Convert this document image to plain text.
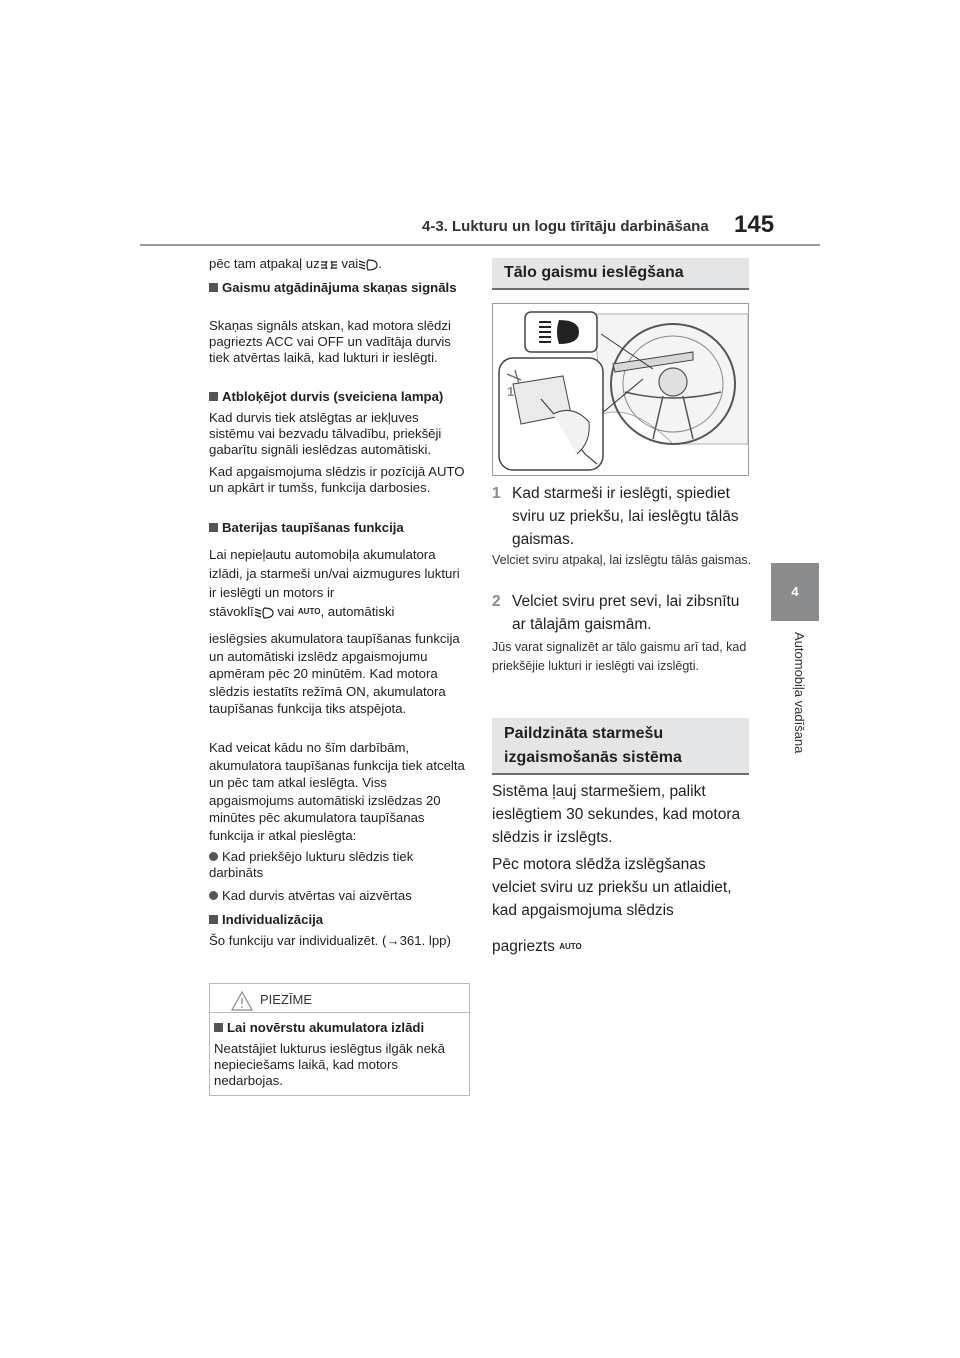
4-3. Lukturu un logu tīrītāju darbināšana 145
4
Automobiļa vadīšana
pēc tam atpakaļ uz
vai .
Gaismu atgādinājuma skaņas signāls
Skaņas signāls atskan, kad motora slēdzi pagriezts ACC vai OFF un vadītāja durvis tiek atvērtas laikā, kad lukturi ir ieslēgti.
Atbloķējot durvis (sveiciena lampa)
Kad durvis tiek atslēgtas ar iekļuves sistēmu vai bezvadu tālvadību, priekšēji gabarītu signāli ieslēdzas automātiski.
Kad apgaismojuma slēdzis ir pozīcijā AUTO un apkārt ir tumšs, funkcija darbosies.
Baterijas taupīšanas funkcija
Lai nepieļautu automobiļa akumulatora izlādi, ja starmeši un/vai aizmugures lukturi ir ieslēgti un motors ir
stāvoklī
vai $^{AUTO}$, automātiski
ieslēgsies akumulatora taupīšanas funkcija un automātiski izslēdz apgaismojumu apmēram pēc 20 minūtēm. Kad motora slēdzis iestatīts režīmā ON, akumulatora taupīšanas funkcija tiks atspējota.
Kad veicat kādu no šīm darbībām, akumulatora taupīšanas funkcija tiek atcelta un pēc tam atkal ieslēgta. Viss apgaismojums automātiski izslēdzas 20 minūtes pēc akumulatora taupīšanas funkcija ir atkal pieslēgta:
Kad priekšējo lukturu slēdzis tiek darbināts
Kad durvis atvērtas vai aizvērtas
Individualizācija
Šo funkciju var individualizēt. (→361. lpp)
PIEZĪME
Lai novērstu akumulatora izlādi
Neatstājiet lukturus ieslēgtus ilgāk nekā nepieciešams laikā, kad motors nedarbojas.
Tālo gaismu ieslēgšana
1
1 Kad starmeši ir ieslēgti, spiediet sviru uz priekšu, lai ieslēgtu tālās gaismas.
Velciet sviru atpakaļ, lai izslēgtu tālās gaismas.
2 Velciet sviru pret sevi, lai zibsnītu ar tālajām gaismām.
Jūs varat signalizēt ar tālo gaismu arī tad, kad priekšējie lukturi ir ieslēgti vai izslēgti.
Paildzināta starmešu
izgaismošanās sistēma
Sistēma ļauj starmešiem, palikt ieslēgtiem 30 sekundes, kad motora slēdzis ir izslēgts.
Pēc motora slēdža izslēgšanas velciet sviru uz priekšu un atlaidiet, kad apgaismojuma slēdzis
pagriezts $^{AUTO}$
